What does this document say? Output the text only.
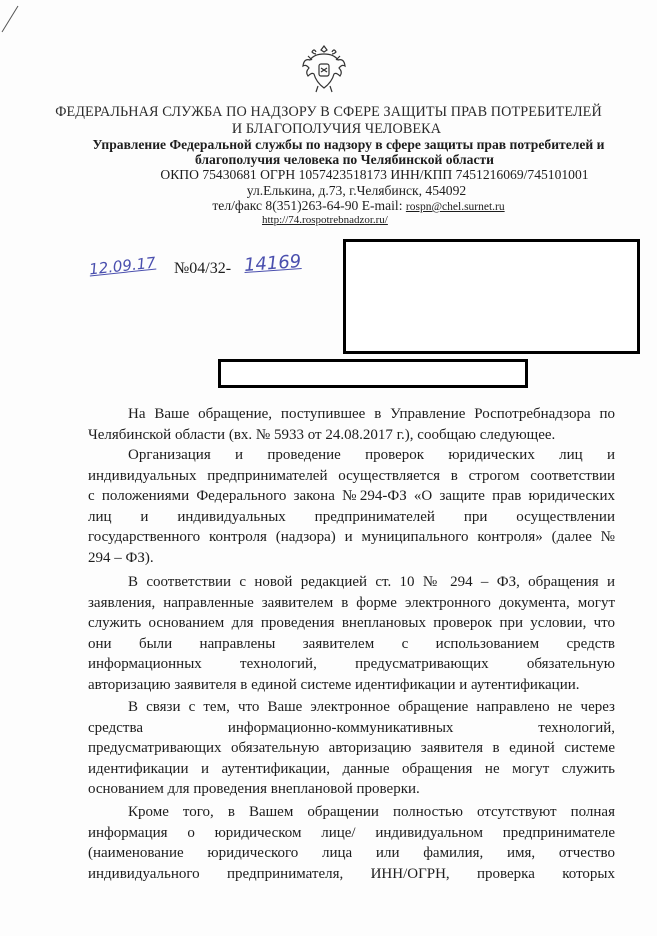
ФЕДЕРАЛЬНАЯ СЛУЖБА ПО НАДЗОРУ В СФЕРЕ ЗАЩИТЫ ПРАВ ПОТРЕБИТЕЛЕЙ
И БЛАГОПОЛУЧИЯ ЧЕЛОВЕКА
Управление Федеральной службы по надзору в сфере защиты прав потребителей и
благополучия человека по Челябинской области
ОКПО 75430681 ОГРН 1057423518173 ИНН/КПП 7451216069/745101001
ул.Елькина, д.73, г.Челябинск, 454092
тел/факс 8(351)263-64-90 E-mail: rospn@chel.surnet.ru
http://74.rospotrebnadzor.ru/
12.09.17 №04/32- 14169
На Ваше обращение, поступившее в Управление Роспотребнадзора по
Челябинской области (вх. № 5933 от 24.08.2017 г.), сообщаю следующее.
Организация и проведение проверок юридических лиц и
индивидуальных предпринимателей осуществляется в строгом соответствии
с положениями Федерального закона №294-ФЗ «О защите прав юридических
лиц и индивидуальных предпринимателей при осуществлении
государственного контроля (надзора) и муниципального контроля» (далее №
294 – ФЗ).
В соответствии с новой редакцией ст. 10 № 294 – ФЗ, обращения и
заявления, направленные заявителем в форме электронного документа, могут
служить основанием для проведения внеплановых проверок при условии, что
они были направлены заявителем с использованием средств
информационных технологий, предусматривающих обязательную
авторизацию заявителя в единой системе идентификации и аутентификации.
В связи с тем, что Ваше электронное обращение направлено не через
средства информационно-коммуникативных технологий,
предусматривающих обязательную авторизацию заявителя в единой системе
идентификации и аутентификации, данные обращения не могут служить
основанием для проведения внеплановой проверки.
Кроме того, в Вашем обращении полностью отсутствуют полная
информация о юридическом лице/ индивидуальном предпринимателе
(наименование юридического лица или фамилия, имя, отчество
индивидуального предпринимателя, ИНН/ОГРН, проверка которых
